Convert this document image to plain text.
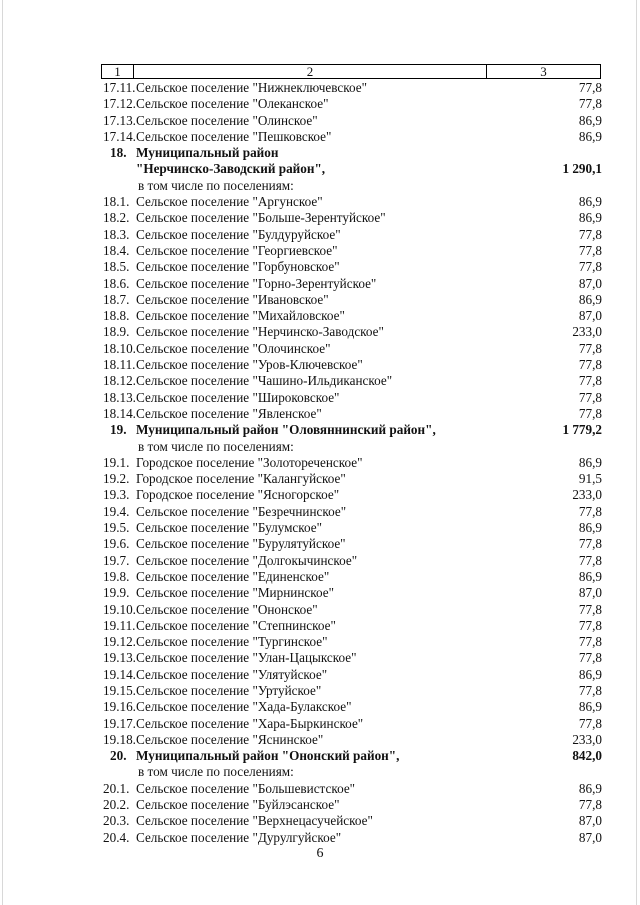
1	2	3
17.11. Сельское поселение "Нижнеключевское"	77,8
17.12. Сельское поселение "Олеканское"	77,8
17.13. Сельское поселение "Олинское"	86,9
17.14. Сельское поселение "Пешковское"	86,9
18. Муниципальный район
"Нерчинско-Заводский район",	1 290,1
в том числе по поселениям:
18.1. Сельское поселение "Аргунское"	86,9
18.2. Сельское поселение "Больше-Зерентуйское"	86,9
18.3. Сельское поселение "Булдуруйское"	77,8
18.4. Сельское поселение "Георгиевское"	77,8
18.5. Сельское поселение "Горбуновское"	77,8
18.6. Сельское поселение "Горно-Зерентуйское"	87,0
18.7. Сельское поселение "Ивановское"	86,9
18.8. Сельское поселение "Михайловское"	87,0
18.9. Сельское поселение "Нерчинско-Заводское"	233,0
18.10. Сельское поселение "Олочинское"	77,8
18.11. Сельское поселение "Уров-Ключевское"	77,8
18.12. Сельское поселение "Чашино-Ильдиканское"	77,8
18.13. Сельское поселение "Широковское"	77,8
18.14. Сельское поселение "Явленское"	77,8
19. Муниципальный район "Оловяннинский район",	1 779,2
в том числе по поселениям:
19.1. Городское поселение "Золотореченское"	86,9
19.2. Городское поселение "Калангуйское"	91,5
19.3. Городское поселение "Ясногорское"	233,0
19.4. Сельское поселение "Безречнинское"	77,8
19.5. Сельское поселение "Булумское"	86,9
19.6. Сельское поселение "Бурулятуйское"	77,8
19.7. Сельское поселение "Долгокычинское"	77,8
19.8. Сельское поселение "Единенское"	86,9
19.9. Сельское поселение "Мирнинское"	87,0
19.10. Сельское поселение "Ононское"	77,8
19.11. Сельское поселение "Степнинское"	77,8
19.12. Сельское поселение "Тургинское"	77,8
19.13. Сельское поселение "Улан-Цацыкское"	77,8
19.14. Сельское поселение "Улятуйское"	86,9
19.15. Сельское поселение "Уртуйское"	77,8
19.16. Сельское поселение "Хада-Булакское"	86,9
19.17. Сельское поселение "Хара-Быркинское"	77,8
19.18. Сельское поселение "Яснинское"	233,0
20. Муниципальный район "Ононский район",	842,0
в том числе по поселениям:
20.1. Сельское поселение "Большевистское"	86,9
20.2. Сельское поселение "Буйлэсанское"	77,8
20.3. Сельское поселение "Верхнецасучейское"	87,0
20.4. Сельское поселение "Дурулгуйское"	87,0
6
